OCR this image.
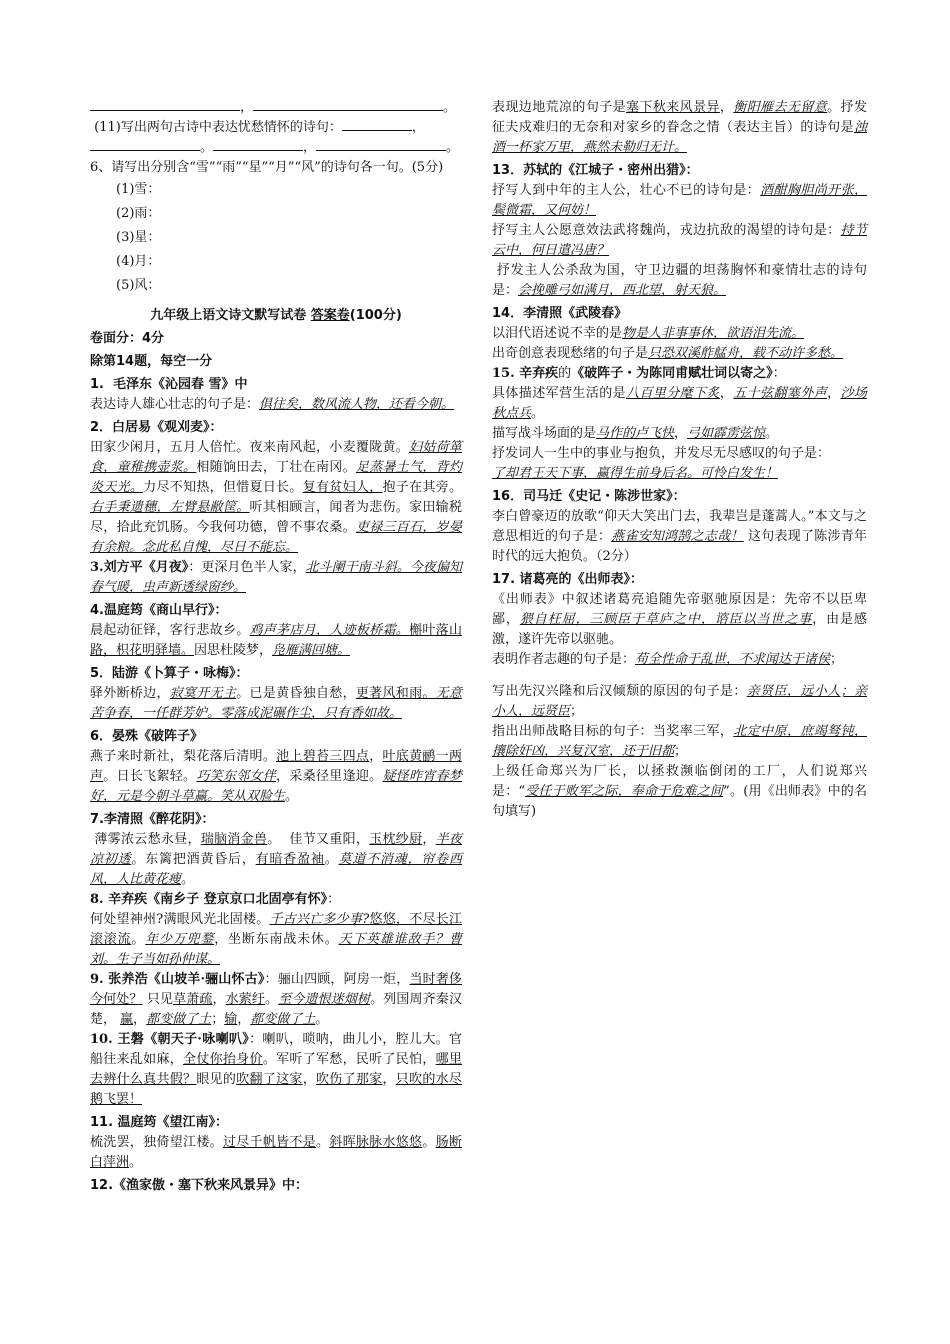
，	。

(11)写出两句古诗中表达忧愁情怀的诗句：	，

。	，	。

6、请写出分别含“雪”“雨”“星”“月”“风”的诗句各一句。(5分)

(1)雪：

(2)雨：

(3)星：

(4)月：

(5)风：

九年级上语文诗文默写试卷 答案卷(100分)

卷面分：4分

除第14题，每空一分

1.  毛泽东《沁园春 雪》中

表达诗人雄心壮志的句子是：俱往矣，数风流人物，还看今朝。

2．白居易《观刈麦》：

田家少闲月，五月人倍忙。夜来南风起，小麦覆陇黄。妇姑荷箪食，童稚携壶浆。相随饷田去，丁壮在南冈。足蒸暑土气，背灼炎天光。力尽不知热，但惜夏日长。复有贫妇人，抱子在其旁。右手秉遗穗，左臂悬敝筐。听其相顾言，闻者为悲伤。家田输税尽，拾此充饥肠。今我何功德，曾不事农桑。吏禄三百石，岁晏有余粮。念此私自愧，尽日不能忘。

3.刘方平《月夜》：更深月色半人家，北斗阑干南斗斜。今夜偏知春气暖，虫声新透绿窗纱。

4.温庭筠《商山早行》：

晨起动征铎，客行悲故乡。鸡声茅店月，人迹板桥霜。槲叶落山路，枳花明驿墙。因思杜陵梦，凫雁满回塘。

5．陆游《卜算子・咏梅》：

驿外断桥边，寂寞开无主。已是黄昏独自愁，更著风和雨。无意苦争春，一任群芳妒。零落成泥碾作尘，只有香如故。

6．晏殊《破阵子》

燕子来时新社，梨花落后清明。池上碧苔三四点，叶底黄鹂一两声。日长飞絮轻。巧笑东邻女伴，采桑径里逢迎。疑怪昨宵春梦好，元是今朝斗草赢。笑从双脸生。

7.李清照《醉花阴》：

薄雾浓云愁永昼，瑞脑消金兽。  佳节又重阳，玉枕纱厨，半夜凉初透。东篱把酒黄昏后，有暗香盈袖。莫道不消魂，帘卷西风，人比黄花瘦。

8. 辛弃疾《南乡子 登京京口北固亭有怀》：

何处望神州?满眼风光北固楼。千古兴亡多少事?悠悠，不尽长江滚滚流。年少万兜鍪，坐断东南战未休。天下英雄谁敌手？曹刘。生子当如孙仲谋。

9. 张养浩《山坡羊·骊山怀古》：骊山四顾，阿房一炬，当时奢侈今何处？ 只见草萧疏，水萦纡。至今遗恨迷烟树。列国周齐秦汉楚， 赢，都变做了土；输，都变做了土。

10. 王磐《朝天子·咏喇叭》：喇叭，唢呐，曲儿小，腔儿大。官船往来乱如麻，全仗你抬身价。军听了军愁，民听了民怕，哪里去辨什么真共假？眼见的吹翻了这家，吹伤了那家，只吹的水尽鹅飞罢！

11. 温庭筠《望江南》：

梳洗罢，独倚望江楼。过尽千帆皆不是。斜晖脉脉水悠悠。肠断白萍洲。

12.《渔家傲・塞下秋来风景异》中：

表现边地荒凉的句子是塞下秋来风景异，衡阳雁去无留意。抒发征夫戍难归的无奈和对家乡的眷念之情（表达主旨）的诗句是浊酒一杯家万里，燕然未勒归无计。

13．苏轼的《江城子・密州出猎》：

抒写人到中年的主人公，壮心不已的诗句是：酒酣胸胆尚开张，鬓微霜，又何妨！

抒写主人公愿意效法武将魏尚，戎边抗敌的渴望的诗句是：持节云中，何日遣冯唐？

抒发主人公杀敌为国，守卫边疆的坦荡胸怀和豪情壮志的诗句是：会挽雕弓如满月，西北望，射天狼。

14．李清照《武陵春》

以泪代语述说不幸的是物是人非事事休，欲语泪先流。

出奇创意表现愁绪的句子是只恐双溪舴艋舟，载不动许多愁。

15. 辛弃疾的《破阵子・为陈同甫赋壮词以寄之》：

具体描述军营生活的是八百里分麾下炙，五十弦翻塞外声，沙场秋点兵。

描写战斗场面的是马作的卢飞快，弓如霹雳弦惊。

抒发词人一生中的事业与抱负，并发尽无尽感叹的句子是：

了却君王天下事，赢得生前身后名。可怜白发生！

16．司马迁《史记・陈涉世家》：

李白曾豪迈的放歌“仰天大笑出门去，我辈岂是蓬蒿人。”本文与之意思相近的句子是：燕雀安知鸿鹄之志哉！ 这句表现了陈涉青年时代的远大抱负。（2分）

17. 诸葛亮的《出师表》：

《出师表》中叙述诸葛亮追随先帝驱驰原因是：先帝不以臣卑鄙，猥自枉屈，三顾臣于草庐之中，谘臣以当世之事，由是感激，遂许先帝以驱驰。

表明作者志趣的句子是：苟全性命于乱世，不求闻达于诸侯；

写出先汉兴隆和后汉倾颓的原因的句子是：亲贤臣，远小人；亲小人，远贤臣；

指出出师战略目标的句子：当奖率三军，北定中原，庶竭驽钝，攘除奸凶，兴复汉室，还于旧都；

上级任命郑兴为厂长，以拯救濒临倒闭的工厂，人们说郑兴是：“受任于败军之际，奉命于危难之间”。(用《出师表》中的名句填写)
